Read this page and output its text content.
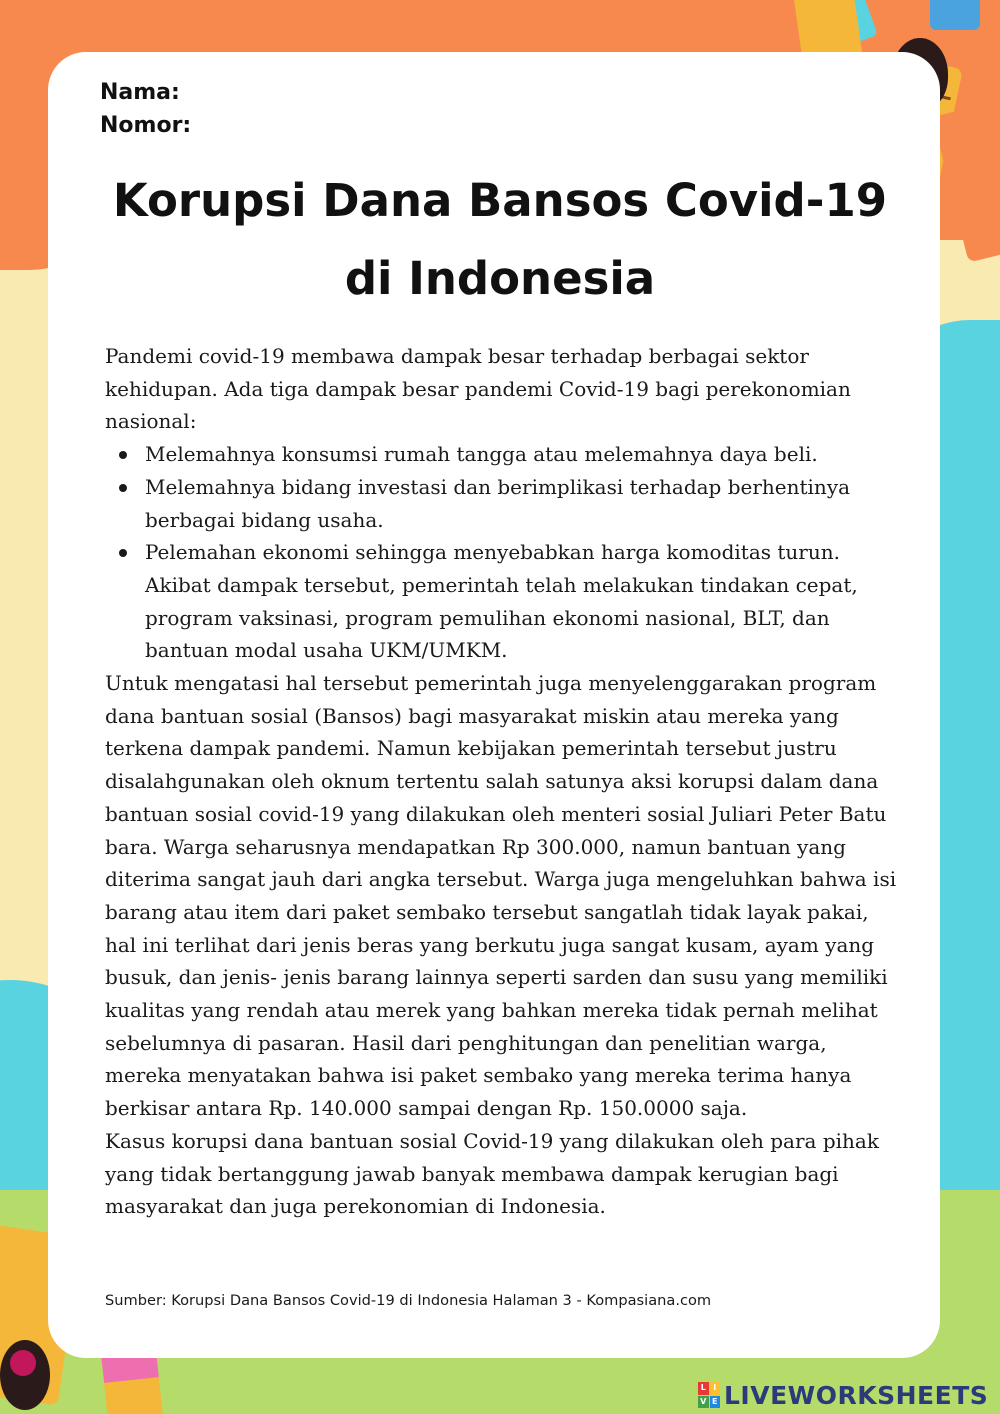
Nama:
Nomor:
Korupsi Dana Bansos Covid-19
di Indonesia

Pandemi covid-19 membawa dampak besar terhadap berbagai sektor kehidupan. Ada tiga dampak besar pandemi Covid-19 bagi perekonomian nasional:

Melemahnya konsumsi rumah tangga atau melemahnya daya beli.
Melemahnya bidang investasi dan berimplikasi terhadap berhentinya berbagai bidang usaha.
Pelemahan ekonomi sehingga menyebabkan harga komoditas turun. Akibat dampak tersebut, pemerintah telah melakukan tindakan cepat, program vaksinasi, program pemulihan ekonomi nasional, BLT, dan bantuan modal usaha UKM/UMKM.

Untuk mengatasi hal tersebut pemerintah juga menyelenggarakan program dana bantuan sosial (Bansos) bagi masyarakat miskin atau mereka yang terkena dampak pandemi. Namun kebijakan pemerintah tersebut justru disalahgunakan oleh oknum tertentu salah satunya aksi korupsi dalam dana bantuan sosial covid-19 yang dilakukan oleh menteri sosial Juliari Peter Batu bara. Warga seharusnya mendapatkan Rp 300.000, namun bantuan yang diterima sangat jauh dari angka tersebut. Warga juga mengeluhkan bahwa isi barang atau item dari paket sembako tersebut sangatlah tidak layak pakai, hal ini terlihat dari jenis beras yang berkutu juga sangat kusam, ayam yang busuk, dan jenis- jenis barang lainnya seperti sarden dan susu yang memiliki kualitas yang rendah atau merek yang bahkan mereka tidak pernah melihat sebelumnya di pasaran. Hasil dari penghitungan dan penelitian warga, mereka menyatakan bahwa isi paket sembako yang mereka terima hanya berkisar antara Rp. 140.000 sampai dengan Rp. 150.0000 saja.

Kasus korupsi dana bantuan sosial Covid-19 yang dilakukan oleh para pihak yang tidak bertanggung jawab banyak membawa dampak kerugian bagi masyarakat dan juga perekonomian di Indonesia.

Sumber: Korupsi Dana Bansos Covid-19 di Indonesia Halaman 3 - Kompasiana.com
L I
V E LIVEWORKSHEETS
